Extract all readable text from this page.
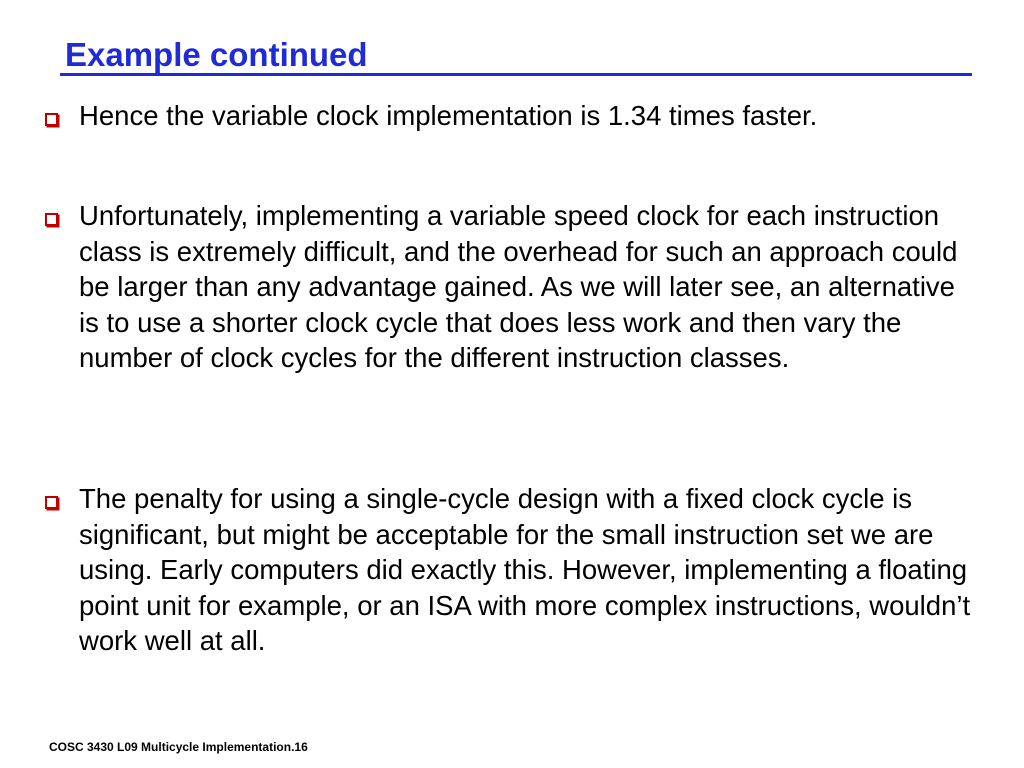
Example continued
Hence the variable clock implementation is 1.34 times faster.
Unfortunately, implementing a variable speed clock for each instruction class is extremely difficult, and the overhead for such an approach could be larger than any advantage gained. As we will later see, an alternative is to use a shorter clock cycle that does less work and then vary the number of clock cycles for the different instruction classes.
The penalty for using a single-cycle design with a fixed clock cycle is significant, but might be acceptable for the small instruction set we are using. Early computers did exactly this. However, implementing a floating point unit for example, or an ISA with more complex instructions, wouldn’t work well at all.
COSC 3430 L09 Multicycle Implementation.16
